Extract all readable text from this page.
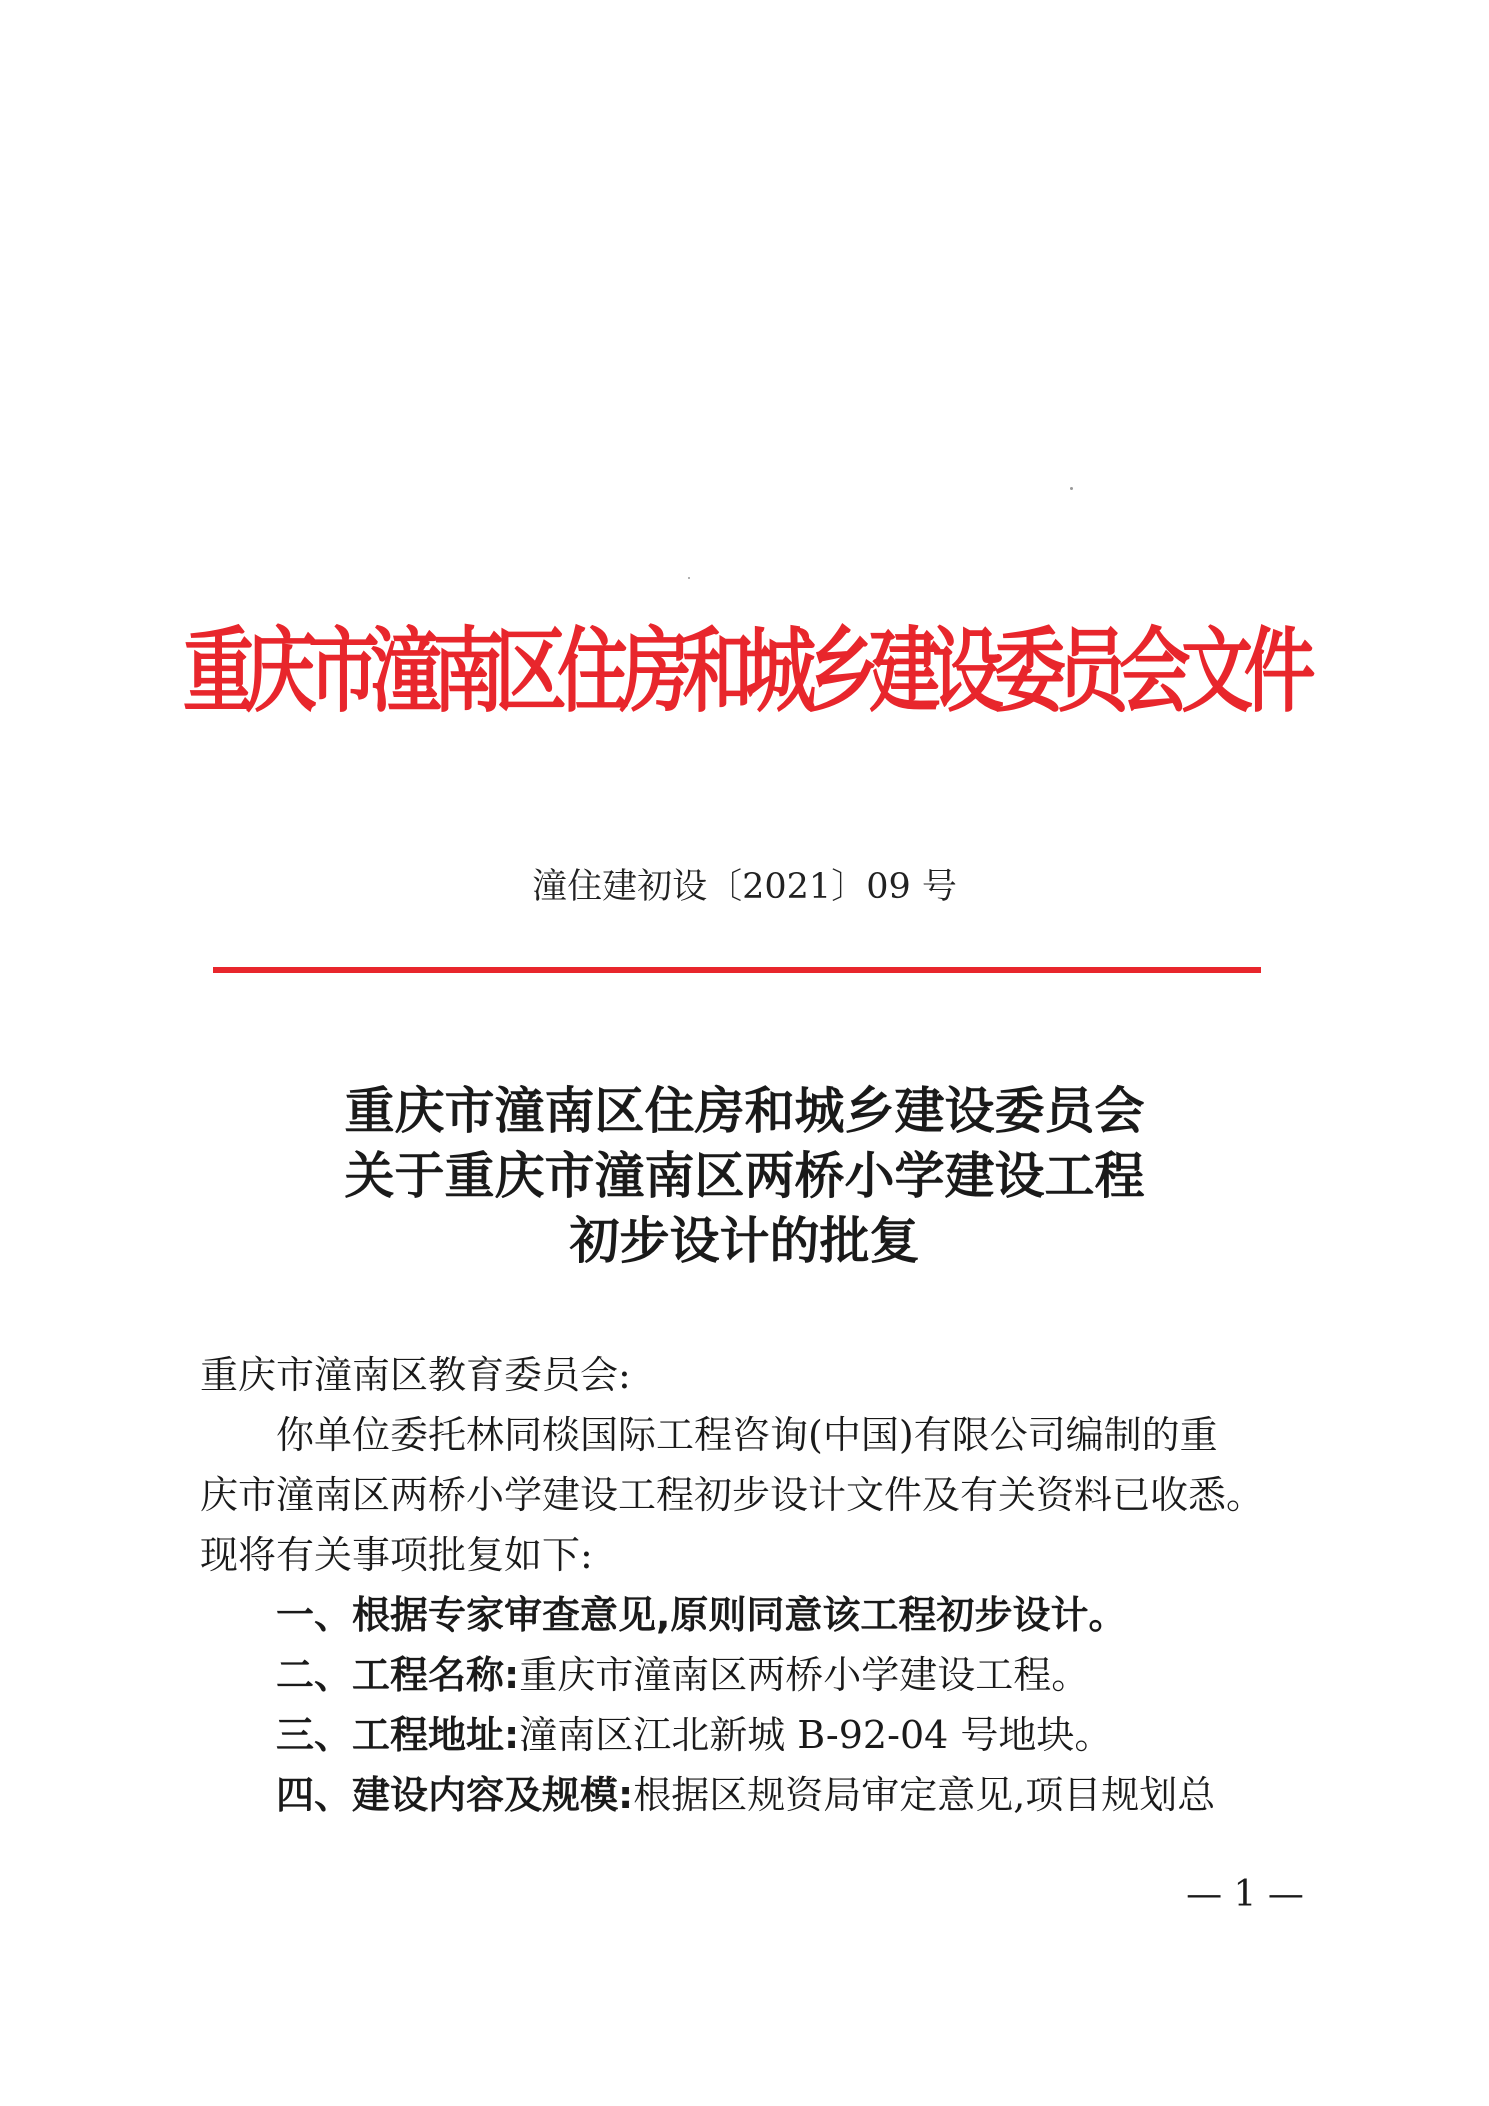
重庆市潼南区住房和城乡建设委员会文件
潼住建初设〔2021〕09 号
重庆市潼南区住房和城乡建设委员会
关于重庆市潼南区两桥小学建设工程
初步设计的批复
重庆市潼南区教育委员会:
你单位委托林同棪国际工程咨询(中国)有限公司编制的重
庆市潼南区两桥小学建设工程初步设计文件及有关资料已收悉。
现将有关事项批复如下:
一、根据专家审查意见,原则同意该工程初步设计。
二、工程名称:重庆市潼南区两桥小学建设工程。
三、工程地址:潼南区江北新城 B-92-04 号地块。
四、建设内容及规模:根据区规资局审定意见,项目规划总
— 1 —
